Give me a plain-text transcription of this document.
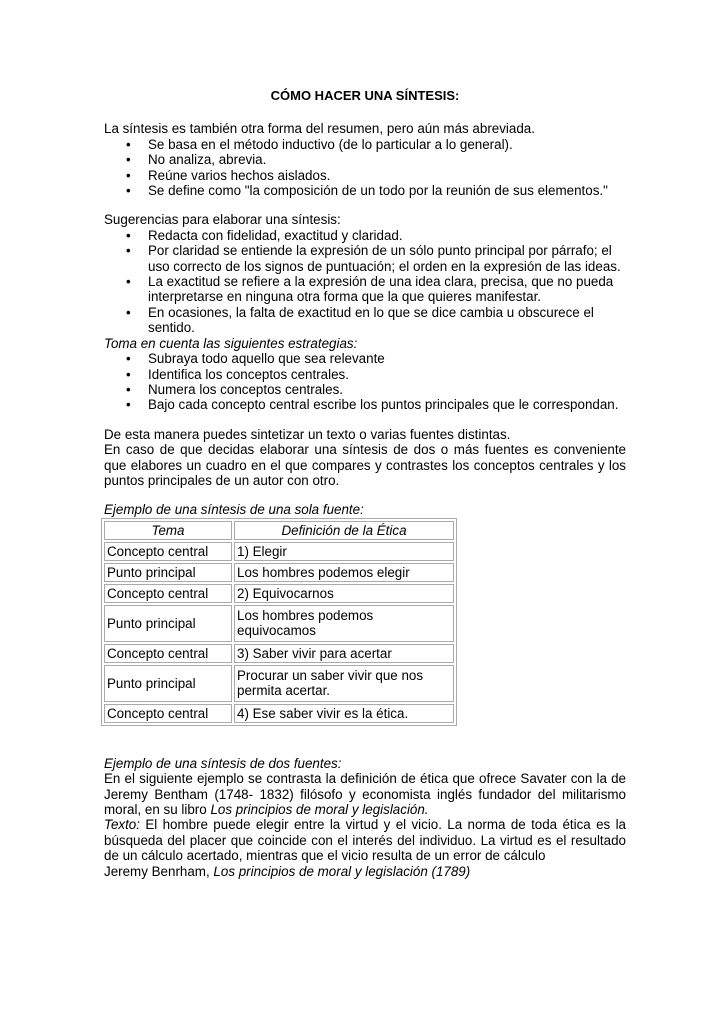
CÓMO HACER UNA SÍNTESIS:

La síntesis es también otra forma del resumen, pero aún más abreviada.

• Se basa en el método inductivo (de lo particular a lo general).
• No analiza, abrevia.
• Reúne varios hechos aislados.
• Se define como "la composición de un todo por la reunión de sus elementos."

Sugerencias para elaborar una síntesis:

• Redacta con fidelidad, exactitud y claridad.
• Por claridad se entiende la expresión de un sólo punto principal por párrafo; el uso correcto de los signos de puntuación; el orden en la expresión de las ideas.
• La exactitud se refiere a la expresión de una idea clara, precisa, que no pueda interpretarse en ninguna otra forma que la que quieres manifestar.
• En ocasiones, la falta de exactitud en lo que se dice cambia u obscurece el sentido.

Toma en cuenta las siguientes estrategias:

• Subraya todo aquello que sea relevante
• Identifica los conceptos centrales.
• Numera los conceptos centrales.
• Bajo cada concepto central escribe los puntos principales que le correspondan.

De esta manera puedes sintetizar un texto o varias fuentes distintas.

En caso de que decidas elaborar una síntesis de dos o más fuentes es conveniente que elabores un cuadro en el que compares y contrastes los conceptos centrales y los puntos principales de un autor con otro.

Ejemplo de una síntesis de una sola fuente:

Tema	Definición de la Ética
Concepto central	1) Elegir
Punto principal	Los hombres podemos elegir
Concepto central	2) Equivocarnos
Punto principal	Los hombres podemos equivocamos
Concepto central	3) Saber vivir para acertar
Punto principal	Procurar un saber vivir que nos permita acertar.
Concepto central	4) Ese saber vivir es la ética.

Ejemplo de una síntesis de dos fuentes:

En el siguiente ejemplo se contrasta la definición de ética que ofrece Savater con la de Jeremy Bentham (1748- 1832) filósofo y economista inglés fundador del militarismo moral, en su libro Los principios de moral y legislación.

Texto: El hombre puede elegir entre la virtud y el vicio. La norma de toda ética es la búsqueda del placer que coincide con el interés del individuo. La virtud es el resultado de un cálculo acertado, mientras que el vicio resulta de un error de cálculo

Jeremy Benrham, Los principios de moral y legislación (1789)
